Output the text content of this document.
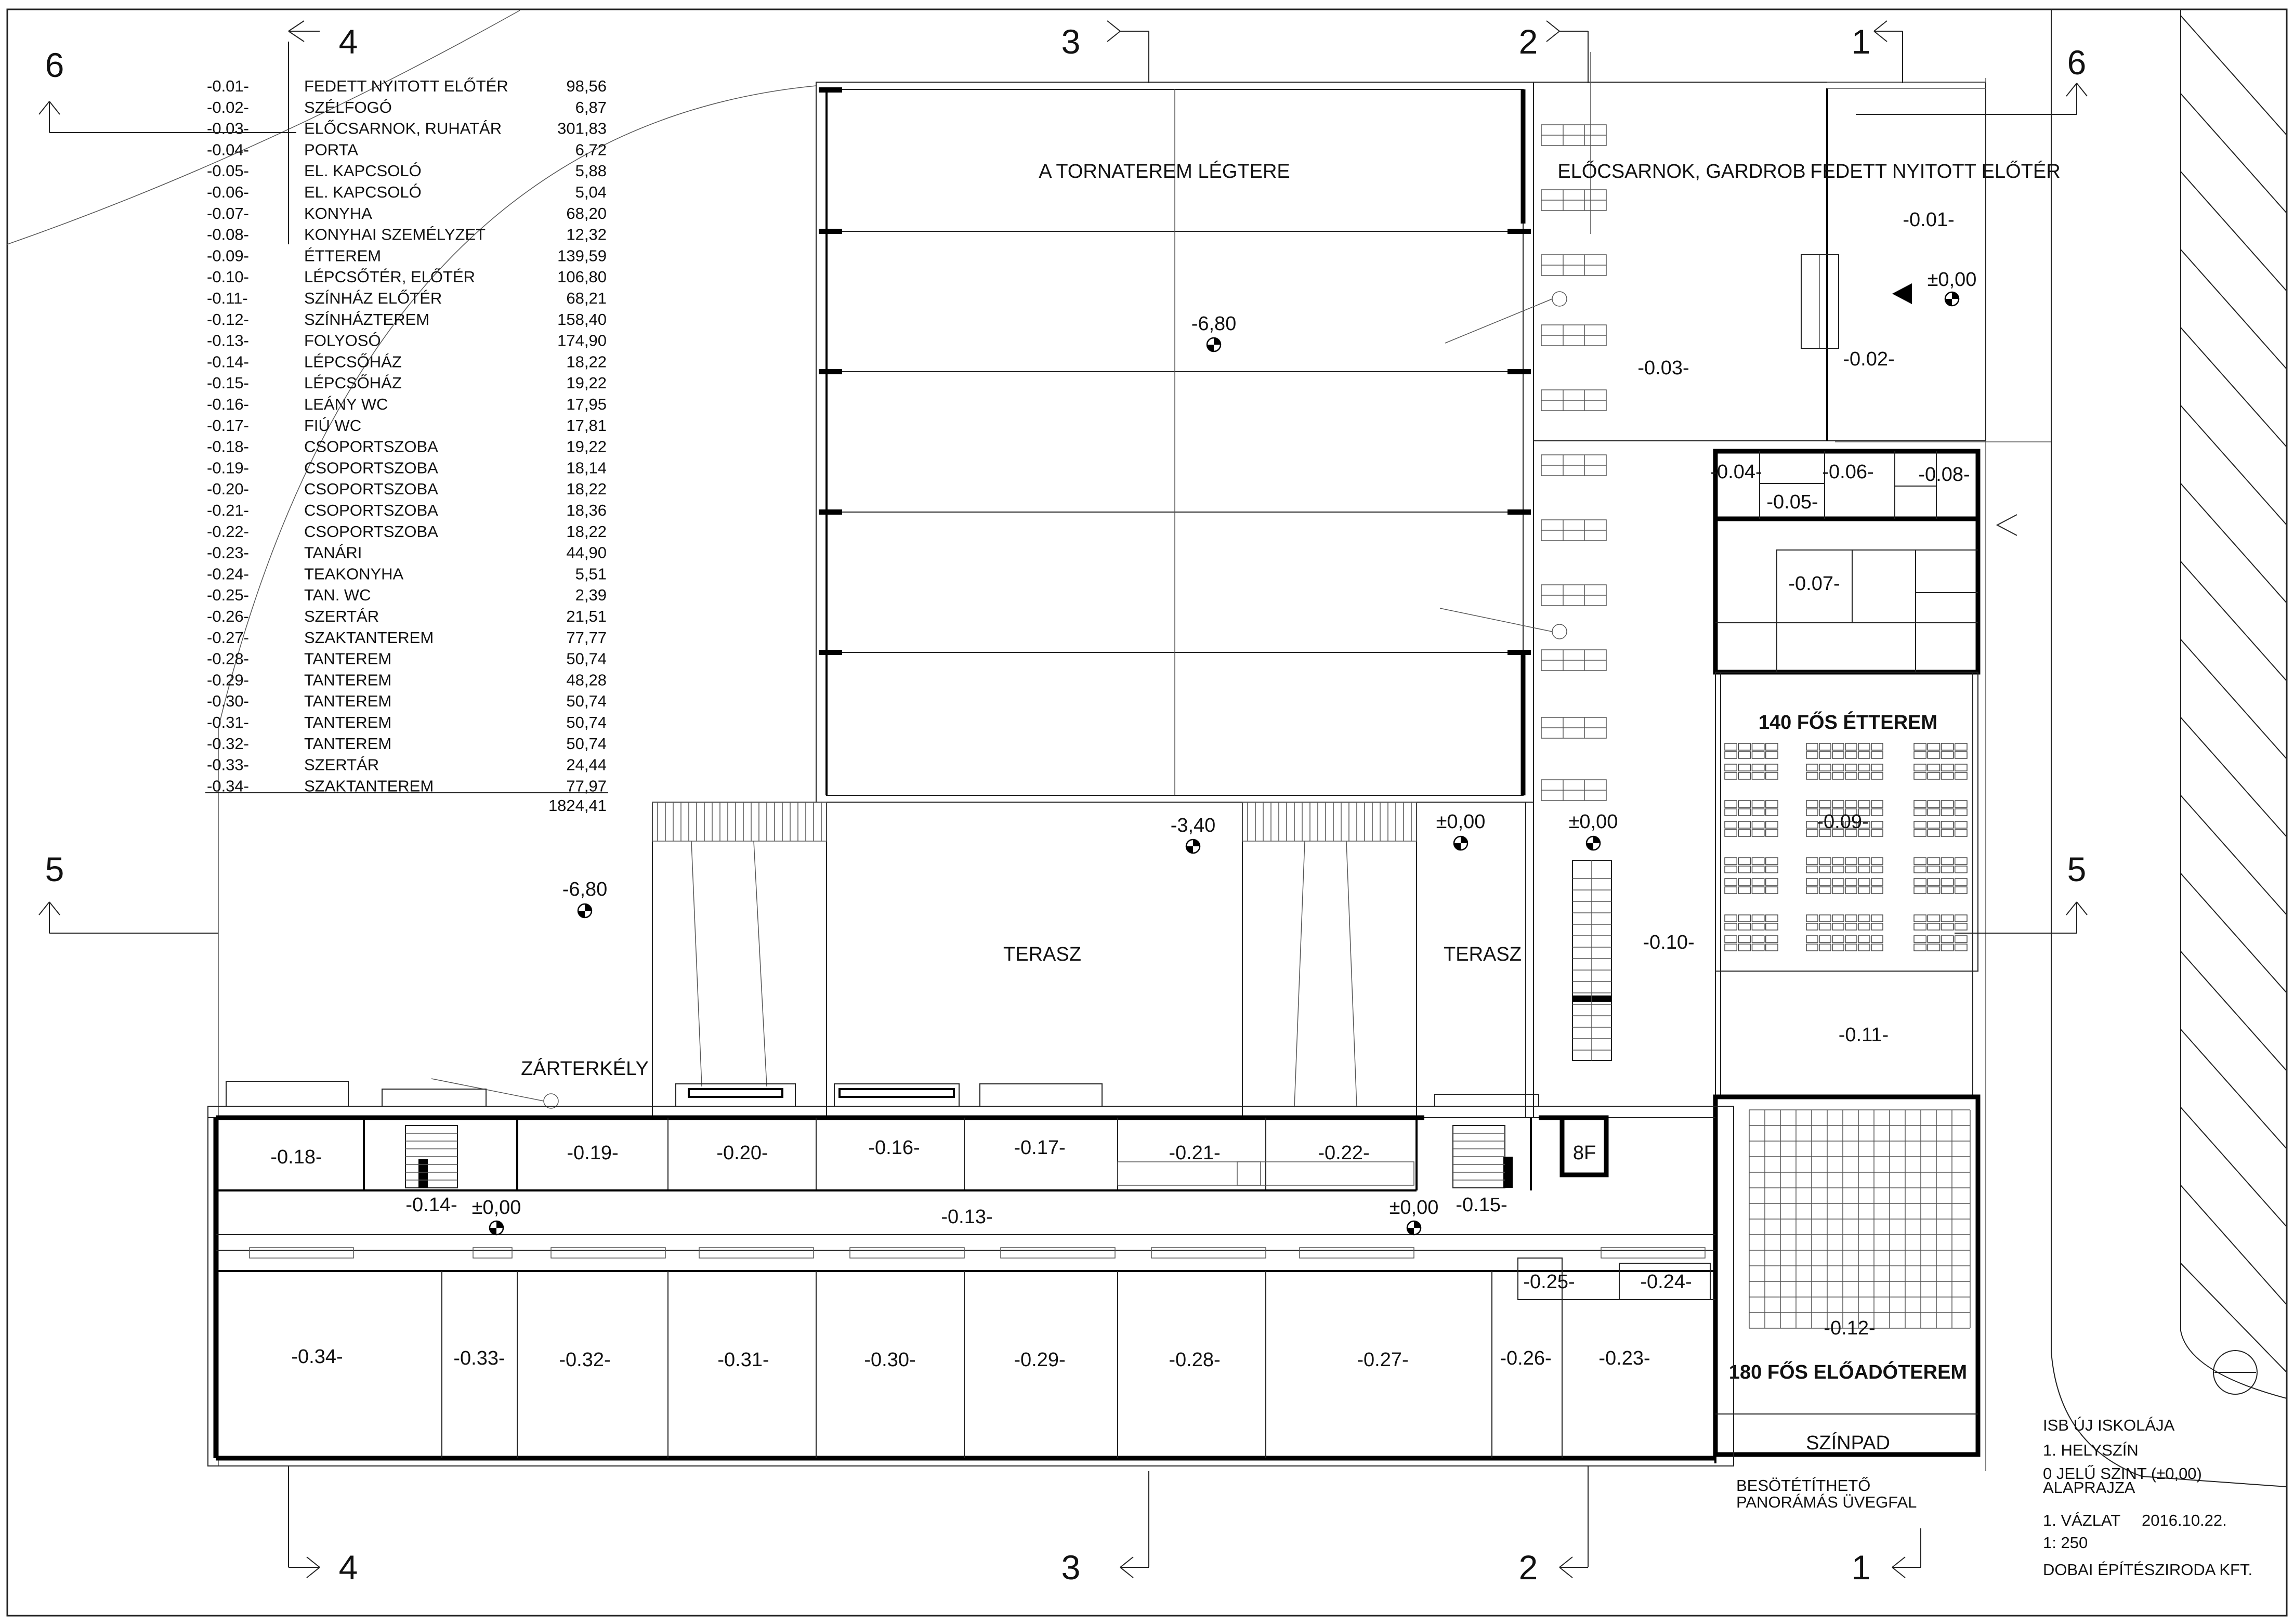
-0.01-	FEDETT NYITOTT ELŐTÉR	98,56
-0.02-	SZÉLFOGÓ	6,87
-0.03-	ELŐCSARNOK, RUHATÁR	301,83
-0.04-	PORTA	6,72
-0.05-	EL. KAPCSOLÓ	5,88
-0.06-	EL. KAPCSOLÓ	5,04
-0.07-	KONYHA	68,20
-0.08-	KONYHAI SZEMÉLYZET	12,32
-0.09-	ÉTTEREM	139,59
-0.10-	LÉPCSŐTÉR, ELŐTÉR	106,80
-0.11-	SZÍNHÁZ ELŐTÉR	68,21
-0.12-	SZÍNHÁZTEREM	158,40
-0.13-	FOLYOSÓ	174,90
-0.14-	LÉPCSŐHÁZ	18,22
-0.15-	LÉPCSŐHÁZ	19,22
-0.16-	LEÁNY WC	17,95
-0.17-	FIÚ WC	17,81
-0.18-	CSOPORTSZOBA	19,22
-0.19-	CSOPORTSZOBA	18,14
-0.20-	CSOPORTSZOBA	18,22
-0.21-	CSOPORTSZOBA	18,36
-0.22-	CSOPORTSZOBA	18,22
-0.23-	TANÁRI	44,90
-0.24-	TEAKONYHA	5,51
-0.25-	TAN. WC	2,39
-0.26-	SZERTÁR	21,51
-0.27-	SZAKTANTEREM	77,77
-0.28-	TANTEREM	50,74
-0.29-	TANTEREM	48,28
-0.30-	TANTEREM	50,74
-0.31-	TANTEREM	50,74
-0.32-	TANTEREM	50,74
-0.33-	SZERTÁR	24,44
-0.34-	SZAKTANTEREM	77,97
1824,41
A TORNATEREM LÉGTERE	ELŐCSARNOK, GARDROB
-0.03-	-0.02-
FEDETT NYITOTT ELŐTÉR
-0.01-
-0.04-
-0.05-
-0.06- -0.08-
-0.07-
140 FŐS ÉTTEREM
-0.09-
-0.11-
-0.10-
-0.12-
180 FŐS ELŐADÓTEREM
SZÍNPAD
BESÖTÉTÍTHETŐ
PANORÁMÁS ÜVEGFAL
TERASZ	TERASZ
ZÁRTERKÉLY
-0.18-	-0.19-	-0.20-	-0.16-	-0.17-	-0.21-	-0.22-	8F
-0.14-	-0.15-
-0.13-
-0.25-	-0.24-
-0.34-	-0.33-	-0.32-	-0.31-	-0.30-	-0.29-	-0.28-	-0.27-	-0.26- -0.23-
-6,80
±0,00
-3,40	±0,00	±0,00
-6,80
±0,00	±0,00
4	3	2	1
6	6
5	5
4	3	2	1
ISB ÚJ ISKOLÁJA
1. HELYSZÍN
0 JELŰ SZINT (±0,00)
ALAPRAJZA
1. VÁZLAT 2016.10.22.
1: 250
DOBAI ÉPÍTÉSZIRODA KFT.
